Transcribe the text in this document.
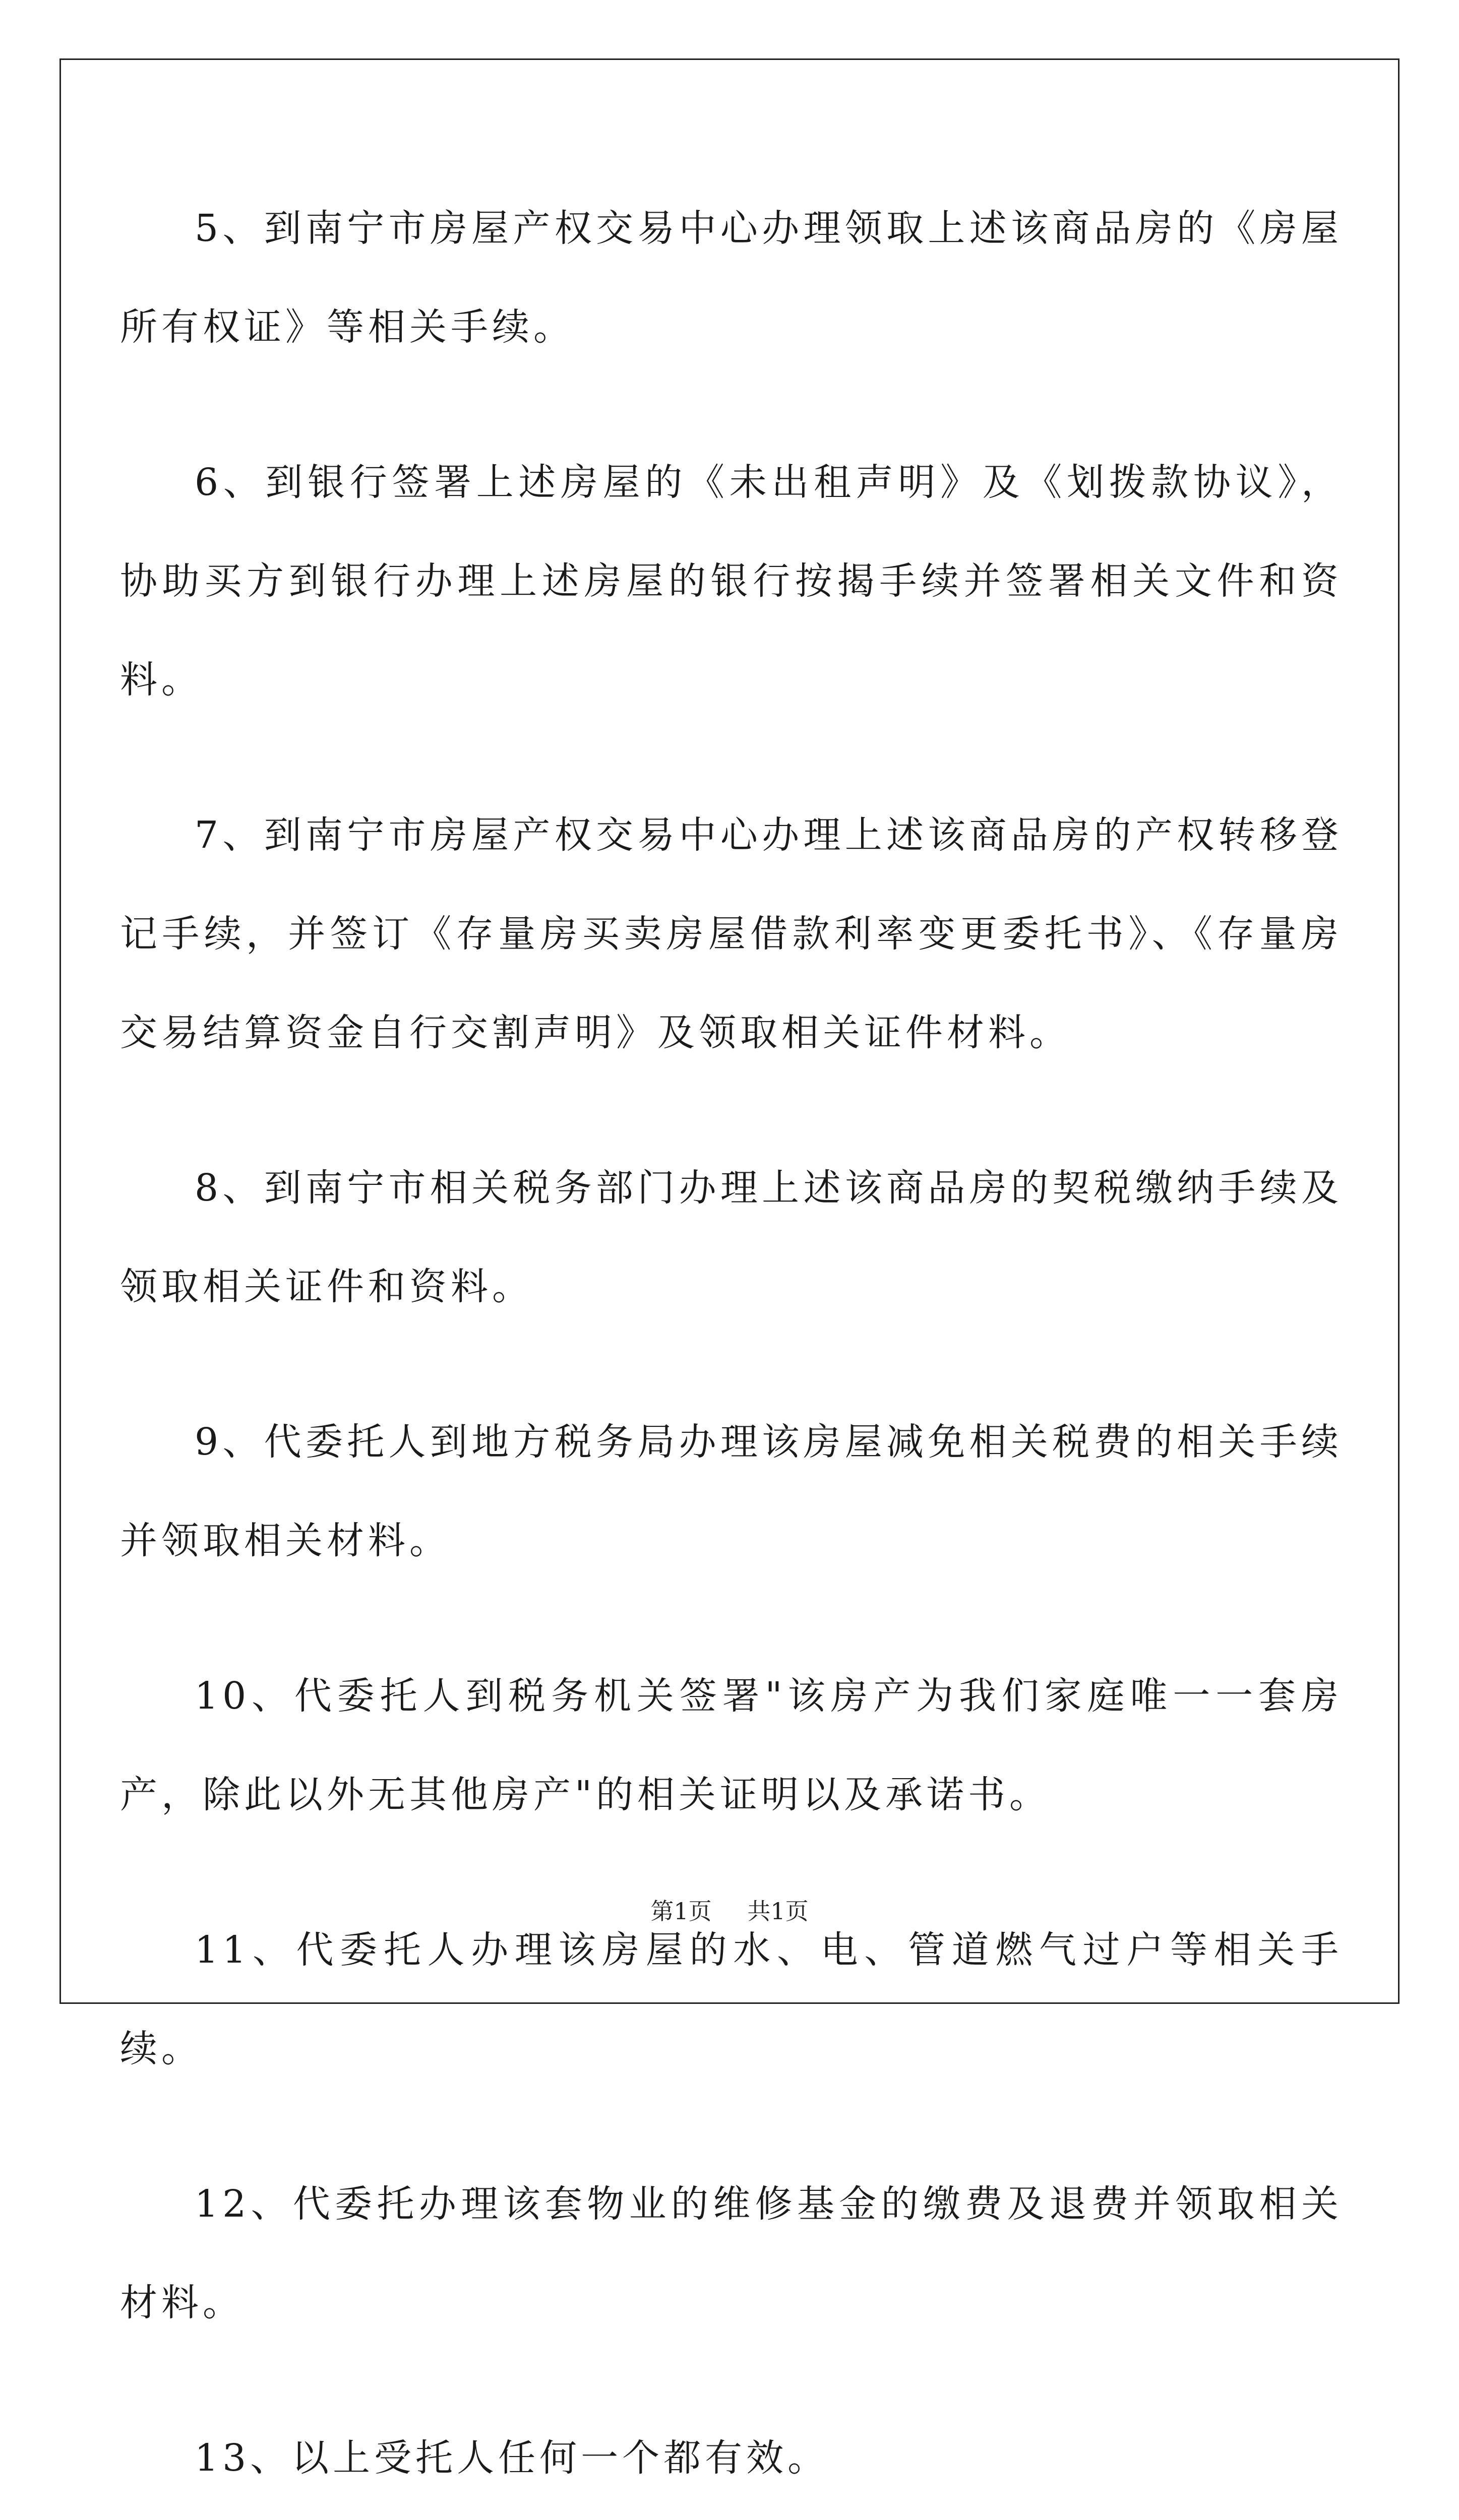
5、到南宁市房屋产权交易中心办理领取上述该商品房的《房屋所有权证》等相关手续。

6、到银行签署上述房屋的《未出租声明》及《划拨款协议》，协助买方到银行办理上述房屋的银行按揭手续并签署相关文件和资料。

7、到南宁市房屋产权交易中心办理上述该商品房的产权转移登记手续，并签订《存量房买卖房屋借款利率变更委托书》、《存量房交易结算资金自行交割声明》及领取相关证件材料。

8、到南宁市相关税务部门办理上述该商品房的契税缴纳手续及领取相关证件和资料。

9、代委托人到地方税务局办理该房屋减免相关税费的相关手续并领取相关材料。

10、代委托人到税务机关签署"该房产为我们家庭唯一一套房产，除此以外无其他房产"的相关证明以及承诺书。

11、代委托人办理该房屋的水、电、管道燃气过户等相关手续。

12、代委托办理该套物业的维修基金的缴费及退费并领取相关材料。

13、以上受托人任何一个都有效。

第1页 共1页
